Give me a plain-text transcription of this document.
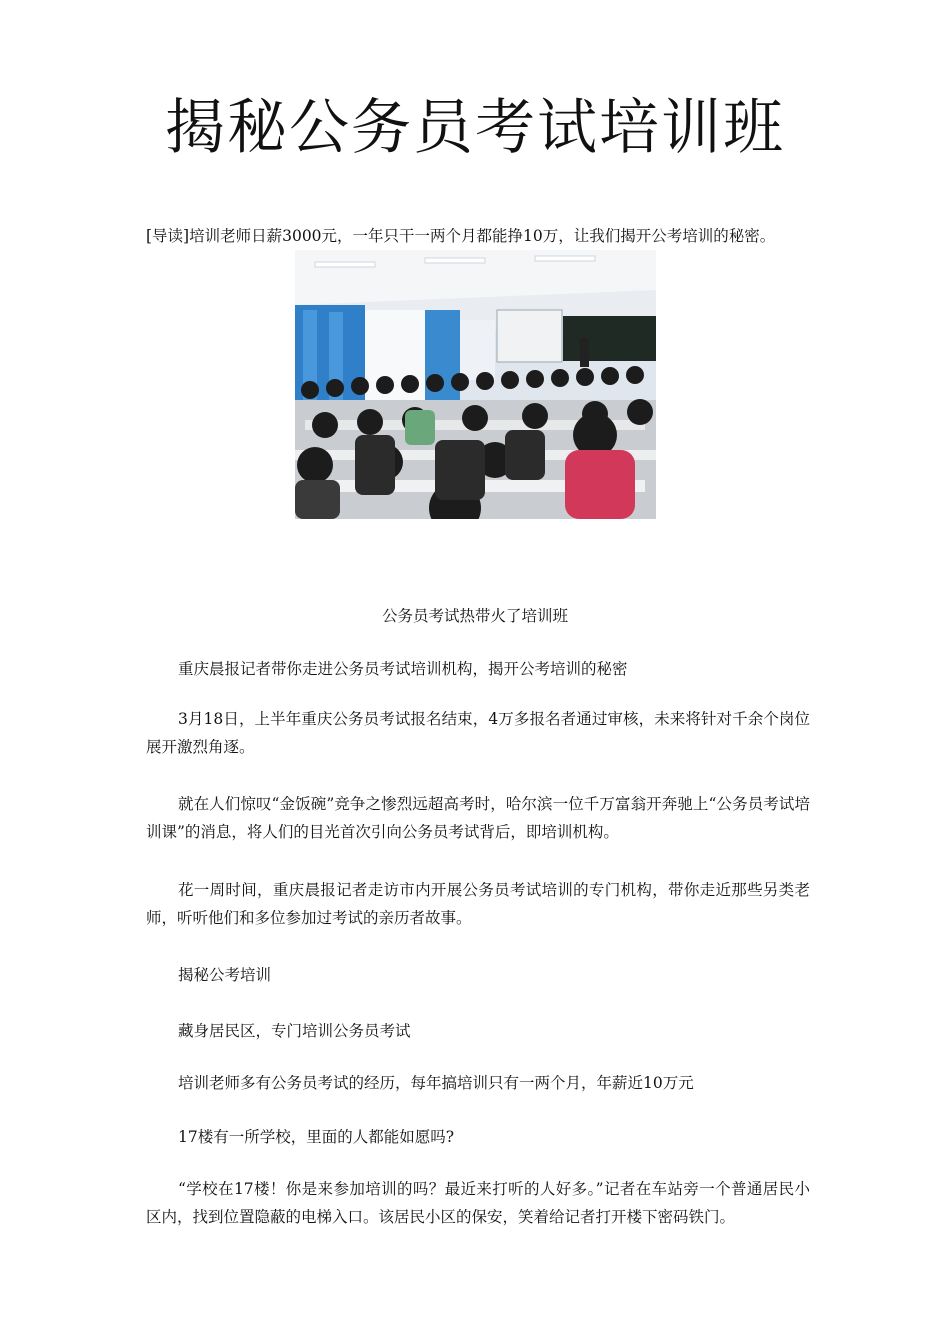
揭秘公务员考试培训班
[导读]培训老师日薪3000元，一年只干一两个月都能挣10万，让我们揭开公考培训的秘密。
公务员考试热带火了培训班

重庆晨报记者带你走进公务员考试培训机构，揭开公考培训的秘密

3月18日，上半年重庆公务员考试报名结束，4万多报名者通过审核，未来将针对千余个岗位展开激烈角逐。

就在人们惊叹“金饭碗”竞争之惨烈远超高考时，哈尔滨一位千万富翁开奔驰上“公务员考试培训课”的消息，将人们的目光首次引向公务员考试背后，即培训机构。

花一周时间，重庆晨报记者走访市内开展公务员考试培训的专门机构，带你走近那些另类老师，听听他们和多位参加过考试的亲历者故事。

揭秘公考培训

藏身居民区，专门培训公务员考试

培训老师多有公务员考试的经历，每年搞培训只有一两个月，年薪近10万元

17楼有一所学校，里面的人都能如愿吗?

“学校在17楼！你是来参加培训的吗？最近来打听的人好多。”记者在车站旁一个普通居民小区内，找到位置隐蔽的电梯入口。该居民小区的保安，笑着给记者打开楼下密码铁门。
